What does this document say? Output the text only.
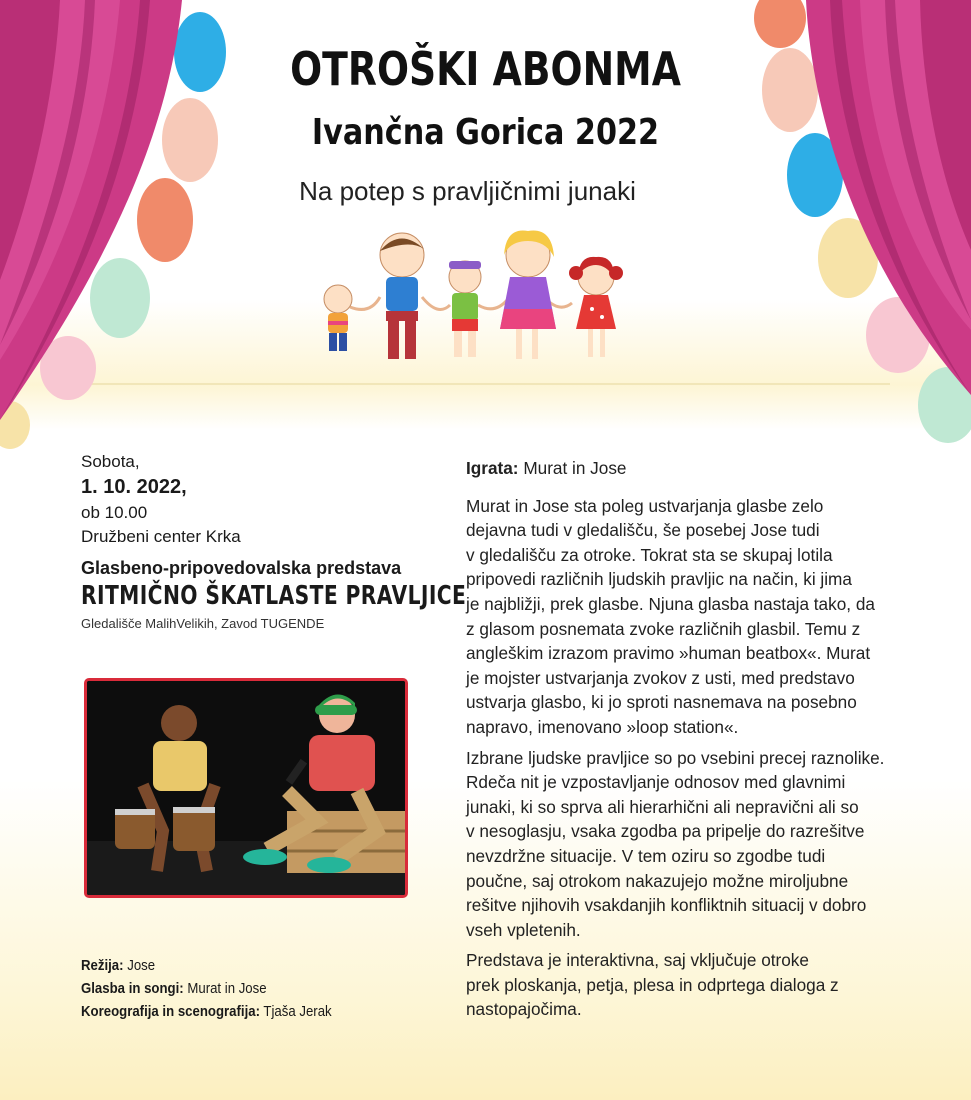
OTROŠKI ABONMA
Ivančna Gorica 2022
Na potep s pravljičnimi junaki
Sobota,
1. 10. 2022,
ob 10.00
Družbeni center Krka
Glasbeno-pripovedovalska predstava
RITMIČNO ŠKATLASTE PRAVLJICE
Gledališče MalihVelikih, Zavod TUGENDE
Režija: Jose
Glasba in songi: Murat in Jose
Koreografija in scenografija: Tjaša Jerak
Igrata: Murat in Jose

Murat in Jose sta poleg ustvarjanja glasbe zelo
dejavna tudi v gledališču, še posebej Jose tudi
v gledališču za otroke. Tokrat sta se skupaj lotila
pripovedi različnih ljudskih pravljic na način, ki jima
je najbližji, prek glasbe. Njuna glasba nastaja tako, da
z glasom posnemata zvoke različnih glasbil. Temu z
angleškim izrazom pravimo »human beatbox«. Murat
je mojster ustvarjanja zvokov z usti, med predstavo
ustvarja glasbo, ki jo sproti nasnemava na posebno
napravo, imenovano »loop station«.

Izbrane ljudske pravljice so po vsebini precej raznolike.
Rdeča nit je vzpostavljanje odnosov med glavnimi
junaki, ki so sprva ali hierarhični ali nepravični ali so
v nesoglasju, vsaka zgodba pa pripelje do razrešitve
nevzdržne situacije. V tem oziru so zgodbe tudi
poučne, saj otrokom nakazujejo možne miroljubne
rešitve njihovih vsakdanjih konfliktnih situacij v dobro
vseh vpletenih.

Predstava je interaktivna, saj vključuje otroke
prek ploskanja, petja, plesa in odprtega dialoga z
nastopajočima.
